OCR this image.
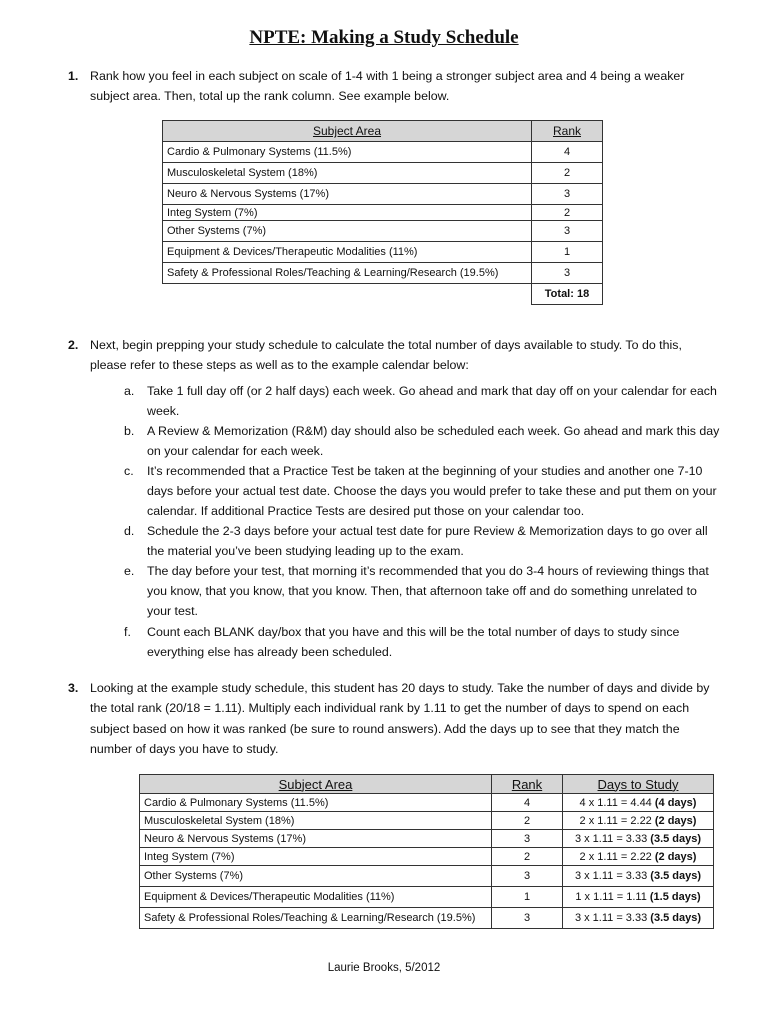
NPTE: Making a Study Schedule
1. Rank how you feel in each subject on scale of 1-4 with 1 being a stronger subject area and 4 being a weaker subject area. Then, total up the rank column. See example below.
Subject Area	Rank
Cardio & Pulmonary Systems (11.5%)	4
Musculoskeletal System (18%)	2
Neuro & Nervous Systems (17%)	3
Integ System (7%)	2
Other Systems (7%)	3
Equipment & Devices/Therapeutic Modalities (11%)	1
Safety & Professional Roles/Teaching & Learning/Research (19.5%)	3
	Total: 18
2. Next, begin prepping your study schedule to calculate the total number of days available to study. To do this, please refer to these steps as well as to the example calendar below:
a. Take 1 full day off (or 2 half days) each week. Go ahead and mark that day off on your calendar for each week.
b. A Review & Memorization (R&M) day should also be scheduled each week. Go ahead and mark this day on your calendar for each week.
c. It’s recommended that a Practice Test be taken at the beginning of your studies and another one 7-10 days before your actual test date. Choose the days you would prefer to take these and put them on your calendar. If additional Practice Tests are desired put those on your calendar too.
d. Schedule the 2-3 days before your actual test date for pure Review & Memorization days to go over all the material you’ve been studying leading up to the exam.
e. The day before your test, that morning it’s recommended that you do 3-4 hours of reviewing things that you know, that you know, that you know. Then, that afternoon take off and do something unrelated to your test.
f. Count each BLANK day/box that you have and this will be the total number of days to study since everything else has already been scheduled.
3. Looking at the example study schedule, this student has 20 days to study. Take the number of days and divide by the total rank (20/18 = 1.11). Multiply each individual rank by 1.11 to get the number of days to spend on each subject based on how it was ranked (be sure to round answers). Add the days up to see that they match the number of days you have to study.
Subject Area	Rank	Days to Study
Cardio & Pulmonary Systems (11.5%)	4	4 x 1.11 = 4.44 (4 days)
Musculoskeletal System (18%)	2	2 x 1.11 = 2.22 (2 days)
Neuro & Nervous Systems (17%)	3	3 x 1.11 = 3.33 (3.5 days)
Integ System (7%)	2	2 x 1.11 = 2.22 (2 days)
Other Systems (7%)	3	3 x 1.11 = 3.33 (3.5 days)
Equipment & Devices/Therapeutic Modalities (11%)	1	1 x 1.11 = 1.11 (1.5 days)
Safety & Professional Roles/Teaching & Learning/Research (19.5%)	3	3 x 1.11 = 3.33 (3.5 days)
Laurie Brooks, 5/2012
